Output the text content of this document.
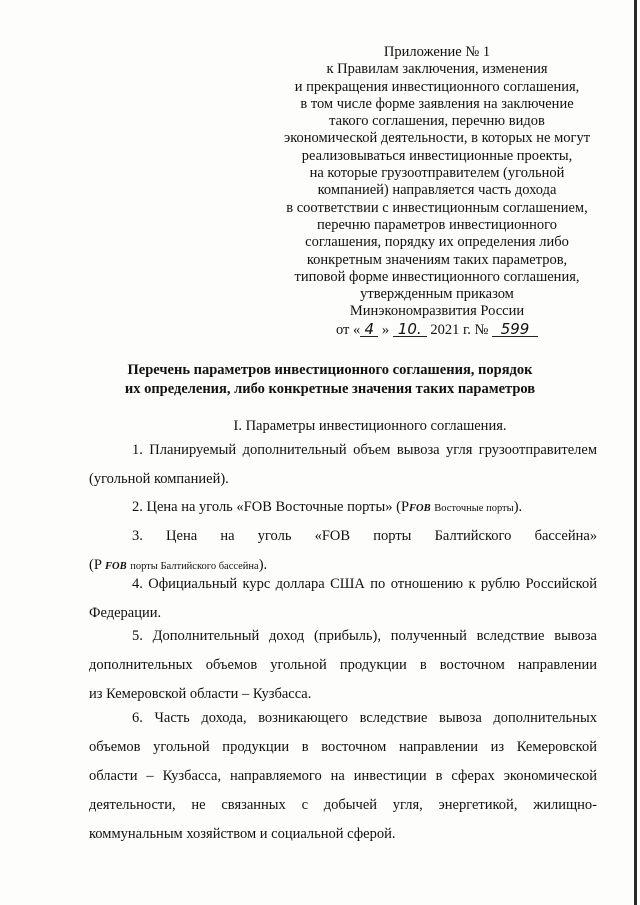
Приложение № 1
к Правилам заключения, изменения
и прекращения инвестиционного соглашения,
в том числе форме заявления на заключение
такого соглашения, перечню видов
экономической деятельности, в которых не могут
реализовываться инвестиционные проекты,
на которые грузоотправителем (угольной
компанией) направляется часть дохода
в соответствии с инвестиционным соглашением,
перечню параметров инвестиционного
соглашения, порядку их определения либо
конкретным значениям таких параметров,
типовой форме инвестиционного соглашения,
утвержденным приказом
Минэкономразвития России
от « 4 » 10. 2021 г. № 599
Перечень параметров инвестиционного соглашения, порядок
их определения, либо конкретные значения таких параметров
I. Параметры инвестиционного соглашения.
1. Планируемый дополнительный объем вывоза угля грузоотправителем
(угольной компанией).
2. Цена на уголь «FOB Восточные порты» (PFOB Восточные порты).
3. Цена на уголь «FOB порты Балтийского бассейна»
(P FOB порты Балтийского бассейна).
4. Официальный курс доллара США по отношению к рублю Российской
Федерации.
5. Дополнительный доход (прибыль), полученный вследствие вывоза
дополнительных объемов угольной продукции в восточном направлении
из Кемеровской области – Кузбасса.
6. Часть дохода, возникающего вследствие вывоза дополнительных
объемов угольной продукции в восточном направлении из Кемеровской
области – Кузбасса, направляемого на инвестиции в сферах экономической
деятельности, не связанных с добычей угля, энергетикой, жилищно-
коммунальным хозяйством и социальной сферой.
